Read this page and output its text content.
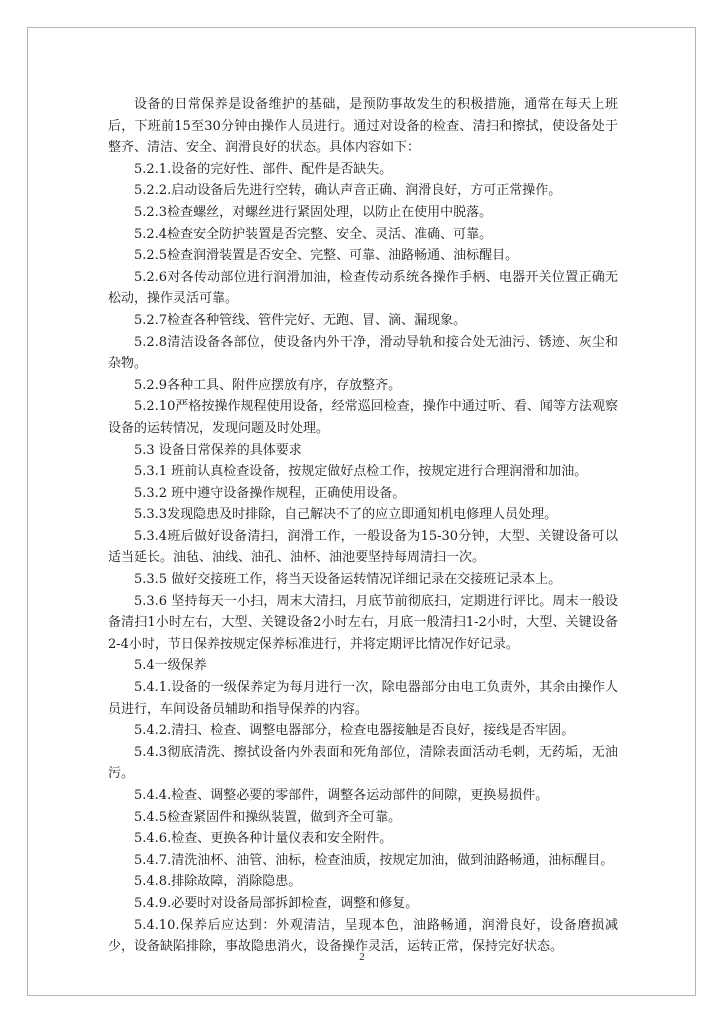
设备的日常保养是设备维护的基础，是预防事故发生的积极措施，通常在每天上班后，下班前15至30分钟由操作人员进行。通过对设备的检查、清扫和擦拭，使设备处于整齐、清洁、安全、润滑良好的状态。具体内容如下：

5.2.1.设备的完好性、部件、配件是否缺失。

5.2.2.启动设备后先进行空转，确认声音正确、润滑良好，方可正常操作。

5.2.3检查螺丝，对螺丝进行紧固处理，以防止在使用中脱落。

5.2.4检查安全防护装置是否完整、安全、灵活、准确、可靠。

5.2.5检查润滑装置是否安全、完整、可靠、油路畅通、油标醒目。

5.2.6对各传动部位进行润滑加油，检查传动系统各操作手柄、电器开关位置正确无松动，操作灵活可靠。

5.2.7检查各种管线、管件完好、无跑、冒、滴、漏现象。

5.2.8清洁设备各部位，使设备内外干净，滑动导轨和接合处无油污、锈迹、灰尘和杂物。

5.2.9各种工具、附件应摆放有序，存放整齐。

5.2.10严格按操作规程使用设备，经常巡回检查，操作中通过听、看、闻等方法观察设备的运转情况，发现问题及时处理。

5.3 设备日常保养的具体要求

5.3.1 班前认真检查设备，按规定做好点检工作，按规定进行合理润滑和加油。

5.3.2 班中遵守设备操作规程，正确使用设备。

5.3.3发现隐患及时排除，自己解决不了的应立即通知机电修理人员处理。

5.3.4班后做好设备清扫，润滑工作，一般设备为15-30分钟，大型、关键设备可以适当延长。油毡、油线、油孔、油杯、油池要坚持每周清扫一次。

5.3.5 做好交接班工作，将当天设备运转情况详细记录在交接班记录本上。

5.3.6 坚持每天一小扫，周末大清扫，月底节前彻底扫，定期进行评比。周末一般设备清扫1小时左右，大型、关键设备2小时左右，月底一般清扫1-2小时，大型、关键设备2-4小时，节日保养按规定保养标准进行，并将定期评比情况作好记录。

5.4一级保养

5.4.1.设备的一级保养定为每月进行一次，除电器部分由电工负责外，其余由操作人员进行，车间设备员辅助和指导保养的内容。

5.4.2.清扫、检查、调整电器部分，检查电器接触是否良好，接线是否牢固。

5.4.3彻底清洗、擦拭设备内外表面和死角部位，清除表面活动毛刺，无药垢，无油污。

5.4.4.检查、调整必要的零部件，调整各运动部件的间隙，更换易损件。

5.4.5检查紧固件和操纵装置，做到齐全可靠。

5.4.6.检查、更换各种计量仪表和安全附件。

5.4.7.清洗油杯、油管、油标，检查油质，按规定加油，做到油路畅通，油标醒目。

5.4.8.排除故障，消除隐患。

5.4.9.必要时对设备局部拆卸检查，调整和修复。

5.4.10.保养后应达到：外观清洁，呈现本色，油路畅通，润滑良好，设备磨损减少，设备缺陷排除，事故隐患消火，设备操作灵活，运转正常，保持完好状态。

2
